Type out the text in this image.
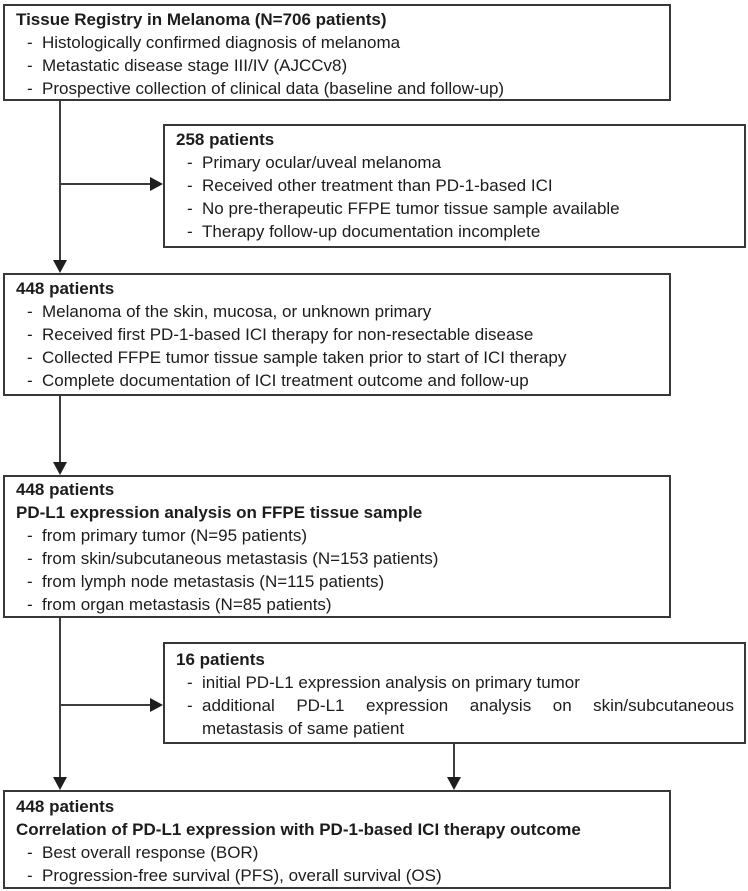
Tissue Registry in Melanoma (N=706 patients)
- Histologically confirmed diagnosis of melanoma
- Metastatic disease stage III/IV (AJCCv8)
- Prospective collection of clinical data (baseline and follow-up)
258 patients
- Primary ocular/uveal melanoma
- Received other treatment than PD-1-based ICI
- No pre-therapeutic FFPE tumor tissue sample available
- Therapy follow-up documentation incomplete
448 patients
- Melanoma of the skin, mucosa, or unknown primary
- Received first PD-1-based ICI therapy for non-resectable disease
- Collected FFPE tumor tissue sample taken prior to start of ICI therapy
- Complete documentation of ICI treatment outcome and follow-up
448 patients
PD-L1 expression analysis on FFPE tissue sample
- from primary tumor (N=95 patients)
- from skin/subcutaneous metastasis (N=153 patients)
- from lymph node metastasis (N=115 patients)
- from organ metastasis (N=85 patients)
16 patients
- initial PD-L1 expression analysis on primary tumor
- additional PD-L1 expression analysis on skin/subcutaneous metastasis of same patient
448 patients
Correlation of PD-L1 expression with PD-1-based ICI therapy outcome
- Best overall response (BOR)
- Progression-free survival (PFS), overall survival (OS)
